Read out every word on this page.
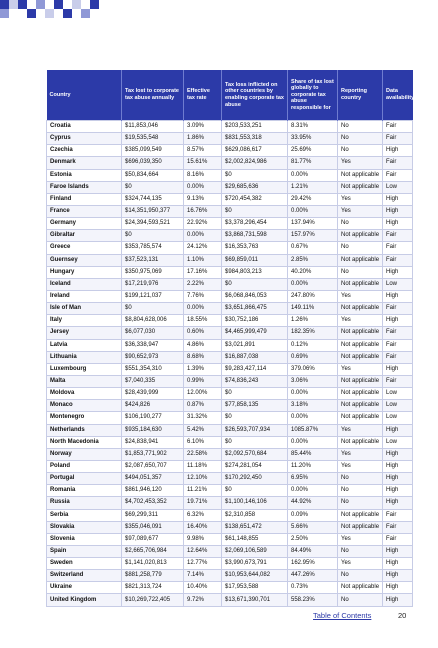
Country	Tax lost to corporate tax abuse annually	Effective tax rate	Tax loss inflicted on other countries by enabling corporate tax abuse	Share of tax lost globally to corporate tax abuse responsible for	Reporting country	Data availability
Croatia	$11,853,046	3.09%	$203,533,251	8.31%	No	Fair
Cyprus	$19,535,548	1.86%	$831,553,318	33.95%	No	Fair
Czechia	$385,099,549	8.57%	$629,086,617	25.69%	No	High
Denmark	$696,039,350	15.61%	$2,002,824,986	81.77%	Yes	Fair
Estonia	$50,834,664	8.16%	$0	0.00%	Not applicable	Fair
Faroe Islands	$0	0.00%	$29,685,636	1.21%	Not applicable	Low
Finland	$324,744,135	9.13%	$720,454,382	29.42%	Yes	High
France	$14,351,950,377	16.76%	$0	0.00%	Yes	High
Germany	$24,394,593,521	22.92%	$3,378,296,454	137.94%	No	High
Gibraltar	$0	0.00%	$3,868,731,598	157.97%	Not applicable	Fair
Greece	$353,785,574	24.12%	$16,353,763	0.67%	No	Fair
Guernsey	$37,523,131	1.10%	$69,859,011	2.85%	Not applicable	Fair
Hungary	$350,975,069	17.16%	$984,803,213	40.20%	No	High
Iceland	$17,219,976	2.22%	$0	0.00%	Not applicable	Low
Ireland	$199,121,037	7.76%	$6,068,846,053	247.80%	Yes	High
Isle of Man	$0	0.00%	$3,651,866,475	149.11%	Not applicable	Fair
Italy	$8,804,628,006	18.55%	$30,752,186	1.26%	Yes	High
Jersey	$6,077,030	0.60%	$4,465,999,479	182.35%	Not applicable	Fair
Latvia	$36,338,947	4.86%	$3,021,891	0.12%	Not applicable	Fair
Lithuania	$90,652,973	8.68%	$16,887,038	0.69%	Not applicable	Fair
Luxembourg	$551,354,310	1.39%	$9,283,427,114	379.06%	Yes	High
Malta	$7,040,335	0.99%	$74,836,243	3.06%	Not applicable	Fair
Moldova	$28,439,999	12.00%	$0	0.00%	Not applicable	Low
Monaco	$424,826	0.87%	$77,858,135	3.18%	Not applicable	Low
Montenegro	$106,190,277	31.32%	$0	0.00%	Not applicable	Low
Netherlands	$935,184,630	5.42%	$26,593,707,934	1085.87%	Yes	High
North Macedonia	$24,838,941	6.10%	$0	0.00%	Not applicable	Low
Norway	$1,853,771,902	22.58%	$2,092,570,684	85.44%	Yes	High
Poland	$2,087,650,707	11.18%	$274,281,054	11.20%	Yes	High
Portugal	$494,051,357	12.10%	$170,292,450	6.95%	No	High
Romania	$861,946,120	11.21%	$0	0.00%	No	High
Russia	$4,702,453,352	19.71%	$1,100,146,106	44.92%	No	High
Serbia	$69,299,311	6.32%	$2,310,858	0.09%	Not applicable	Fair
Slovakia	$355,046,091	16.40%	$138,651,472	5.66%	Not applicable	Fair
Slovenia	$97,089,677	9.98%	$61,148,855	2.50%	Yes	Fair
Spain	$2,665,706,984	12.64%	$2,069,106,589	84.49%	No	High
Sweden	$1,141,020,813	12.77%	$3,990,673,791	162.95%	Yes	High
Switzerland	$881,258,779	7.14%	$10,953,644,082	447.26%	No	High
Ukraine	$821,313,724	10.40%	$17,953,588	0.73%	Not applicable	High
United Kingdom	$10,269,722,405	9.72%	$13,671,390,701	558.23%	No	High
Table of Contents	20
